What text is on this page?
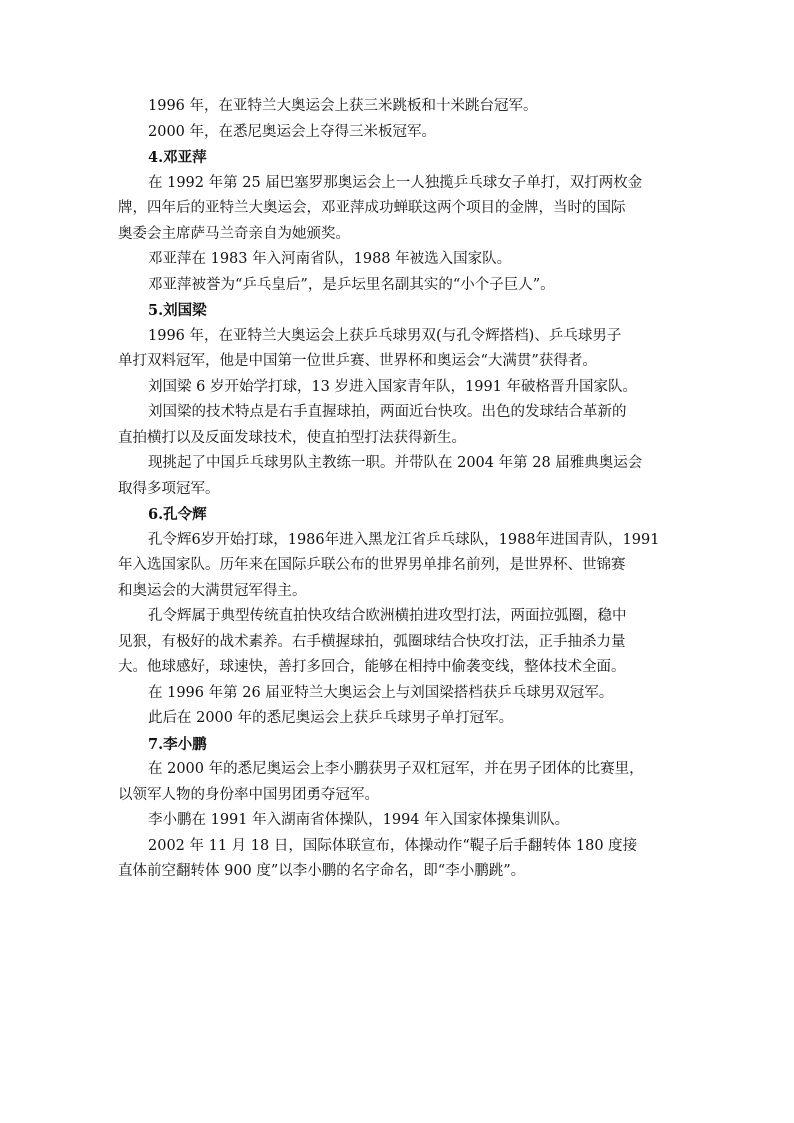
1996 年，在亚特兰大奥运会上获三米跳板和十米跳台冠军。

2000 年，在悉尼奥运会上夺得三米板冠军。

4.邓亚萍

在 1992 年第 25 届巴塞罗那奥运会上一人独揽乒乓球女子单打，双打两枚金

牌，四年后的亚特兰大奥运会，邓亚萍成功蝉联这两个项目的金牌，当时的国际

奥委会主席萨马兰奇亲自为她颁奖。

邓亚萍在 1983 年入河南省队，1988 年被选入国家队。

邓亚萍被誉为“乒乓皇后”，是乒坛里名副其实的“小个子巨人”。

5.刘国梁

1996 年，在亚特兰大奥运会上获乒乓球男双(与孔令辉搭档)、乒乓球男子

单打双料冠军，他是中国第一位世乒赛、世界杯和奥运会“大满贯”获得者。

刘国梁 6 岁开始学打球，13 岁进入国家青年队，1991 年破格晋升国家队。

刘国梁的技术特点是右手直握球拍，两面近台快攻。出色的发球结合革新的

直拍横打以及反面发球技术，使直拍型打法获得新生。

现挑起了中国乒乓球男队主教练一职。并带队在 2004 年第 28 届雅典奥运会

取得多项冠军。

6.孔令辉

孔令辉6岁开始打球，1986年进入黑龙江省乒乓球队，1988年进国青队，1991

年入选国家队。历年来在国际乒联公布的世界男单排名前列，是世界杯、世锦赛

和奥运会的大满贯冠军得主。

孔令辉属于典型传统直拍快攻结合欧洲横拍进攻型打法，两面拉弧圈，稳中

见狠，有极好的战术素养。右手横握球拍，弧圈球结合快攻打法，正手抽杀力量

大。他球感好，球速快，善打多回合，能够在相持中偷袭变线，整体技术全面。

在 1996 年第 26 届亚特兰大奥运会上与刘国梁搭档获乒乓球男双冠军。

此后在 2000 年的悉尼奥运会上获乒乓球男子单打冠军。

7.李小鹏

在 2000 年的悉尼奥运会上李小鹏获男子双杠冠军，并在男子团体的比赛里，

以领军人物的身份率中国男团勇夺冠军。

李小鹏在 1991 年入湖南省体操队，1994 年入国家体操集训队。

2002 年 11 月 18 日，国际体联宣布，体操动作“鞮子后手翻转体 180 度接

直体前空翻转体 900 度”以李小鹏的名字命名，即“李小鹏跳”。
